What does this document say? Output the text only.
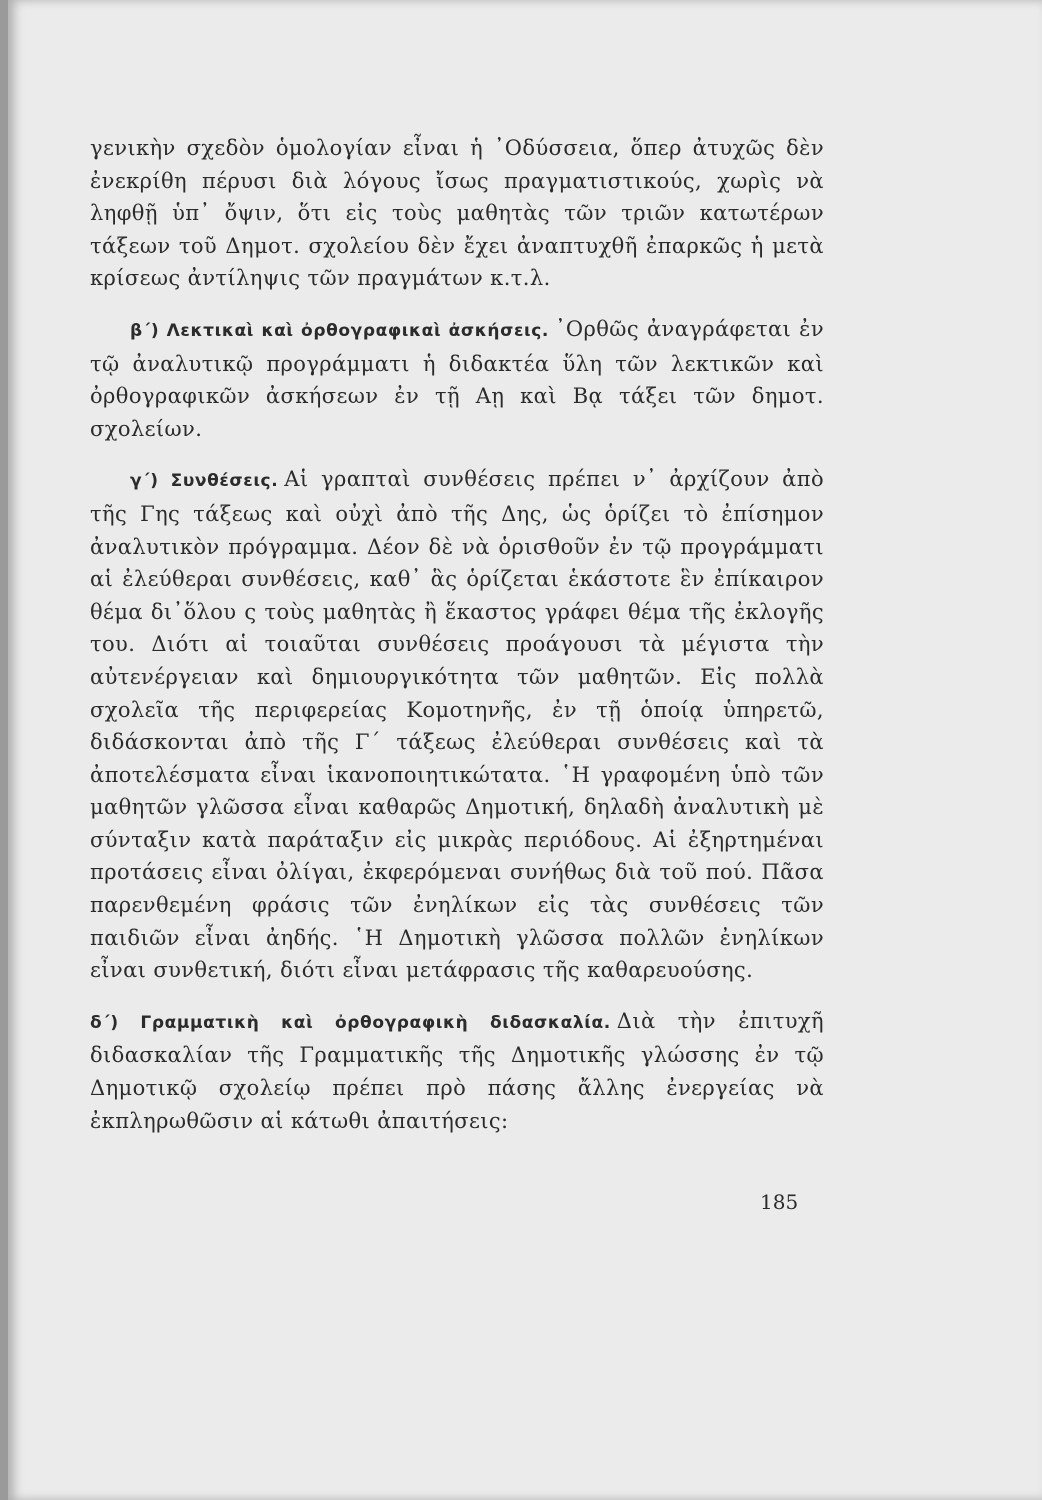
γενικὴν σχεδὸν ὁμολογίαν εἶναι ἡ ᾿Οδύσσεια, ὅπερ ἀτυχῶς δὲν ἐνεκρίθη πέρυσι διὰ λόγους ἴσως πραγματιστικούς, χωρὶς νὰ ληφθῇ ὑπ᾿ ὄψιν, ὅτι εἰς τοὺς μαθητὰς τῶν τριῶν κατωτέρων τάξεων τοῦ Δημοτ. σχολείου δὲν ἔχει ἀναπτυχθῆ ἐπαρκῶς ἡ μετὰ κρίσεως ἀντίληψις τῶν πραγμάτων κ.τ.λ.

β΄) Λεκτικαὶ καὶ ὀρθογραφικαὶ ἀσκήσεις. ᾿Ορθῶς ἀναγράφεται ἐν τῷ ἀναλυτικῷ προγράμματι ἡ διδακτέα ὕλη τῶν λεκτικῶν καὶ ὀρθογραφικῶν ἀσκήσεων ἐν τῇ Αῃ καὶ Βᾳ τάξει τῶν δημοτ. σχολείων.

γ΄) Συνθέσεις. Αἱ γραπταὶ συνθέσεις πρέπει ν᾿ ἀρχίζουν ἀπὸ τῆς Γης τάξεως καὶ οὐχὶ ἀπὸ τῆς Δης, ὡς ὁρίζει τὸ ἐπίσημον ἀναλυτικὸν πρόγραμμα. Δέον δὲ νὰ ὁρισθοῦν ἐν τῷ προγράμματι αἱ ἐλεύθεραι συνθέσεις, καθ᾿ ἃς ὁρίζεται ἑκάστοτε ἓν ἐπίκαιρον θέμα δι᾿ὅλου ς τοὺς μαθητὰς ἢ ἕκαστος γράφει θέμα τῆς ἐκλογῆς του. Διότι αἱ τοιαῦται συνθέσεις προάγουσι τὰ μέγιστα τὴν αὐτενέργειαν καὶ δημιουργικότητα τῶν μαθητῶν. Εἰς πολλὰ σχολεῖα τῆς περιφερείας Κομοτηνῆς, ἐν τῇ ὁποίᾳ ὑπηρετῶ, διδάσκονται ἀπὸ τῆς Γ΄ τάξεως ἐλεύθεραι συνθέσεις καὶ τὰ ἀποτελέσματα εἶναι ἱκανοποιητικώτατα. ῾Η γραφομένη ὑπὸ τῶν μαθητῶν γλῶσσα εἶναι καθαρῶς Δημοτική, δηλαδὴ ἀναλυτικὴ μὲ σύνταξιν κατὰ παράταξιν εἰς μικρὰς περιόδους. Αἱ ἐξηρτημέναι προτάσεις εἶναι ὀλίγαι, ἐκφερόμεναι συνήθως διὰ τοῦ πού. Πᾶσα παρενθεμένη φράσις τῶν ἐνηλίκων εἰς τὰς συνθέσεις τῶν παιδιῶν εἶναι ἀηδής. ῾Η Δημοτικὴ γλῶσσα πολλῶν ἐνηλίκων εἶναι συνθετική, διότι εἶναι μετάφρασις τῆς καθαρευούσης.

δ΄) Γραμματικὴ καὶ ὀρθογραφικὴ διδασκαλία. Διὰ τὴν ἐπιτυχῆ διδασκαλίαν τῆς Γραμματικῆς τῆς Δημοτικῆς γλώσσης ἐν τῷ Δημοτικῷ σχολείῳ πρέπει πρὸ πάσης ἄλλης ἐνεργείας νὰ ἐκπληρωθῶσιν αἱ κάτωθι ἀπαιτήσεις:

185
